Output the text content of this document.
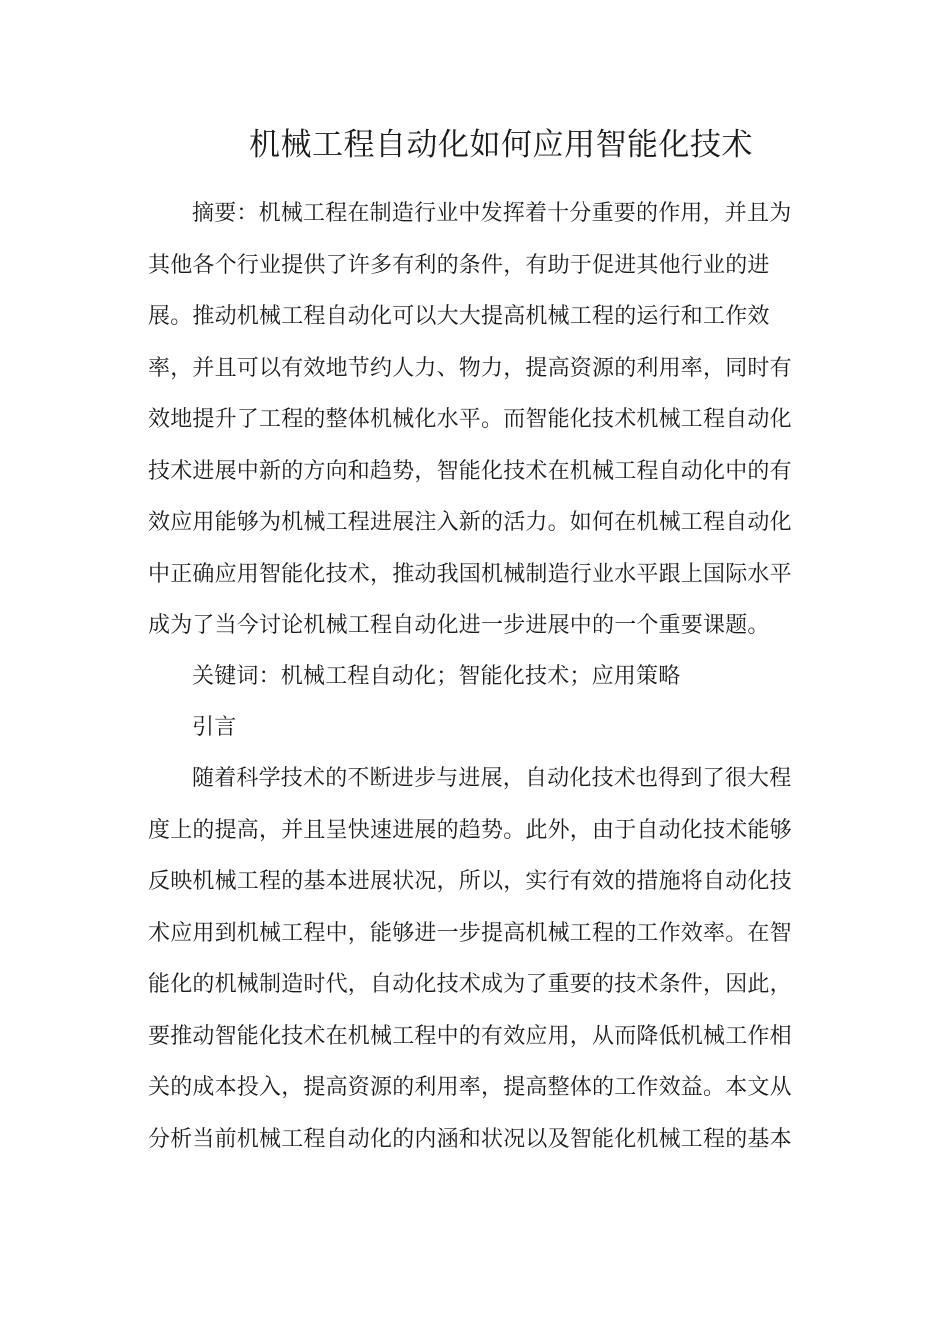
机械工程自动化如何应用智能化技术
摘要：机械工程在制造行业中发挥着十分重要的作用，并且为
其他各个行业提供了许多有利的条件，有助于促进其他行业的进
展。推动机械工程自动化可以大大提高机械工程的运行和工作效
率，并且可以有效地节约人力、物力，提高资源的利用率，同时有
效地提升了工程的整体机械化水平。而智能化技术机械工程自动化
技术进展中新的方向和趋势，智能化技术在机械工程自动化中的有
效应用能够为机械工程进展注入新的活力。如何在机械工程自动化
中正确应用智能化技术，推动我国机械制造行业水平跟上国际水平
成为了当今讨论机械工程自动化进一步进展中的一个重要课题。
关键词：机械工程自动化；智能化技术；应用策略
引言
随着科学技术的不断进步与进展，自动化技术也得到了很大程
度上的提高，并且呈快速进展的趋势。此外，由于自动化技术能够
反映机械工程的基本进展状况，所以，实行有效的措施将自动化技
术应用到机械工程中，能够进一步提高机械工程的工作效率。在智
能化的机械制造时代，自动化技术成为了重要的技术条件，因此，
要推动智能化技术在机械工程中的有效应用，从而降低机械工作相
关的成本投入，提高资源的利用率，提高整体的工作效益。本文从
分析当前机械工程自动化的内涵和状况以及智能化机械工程的基本
